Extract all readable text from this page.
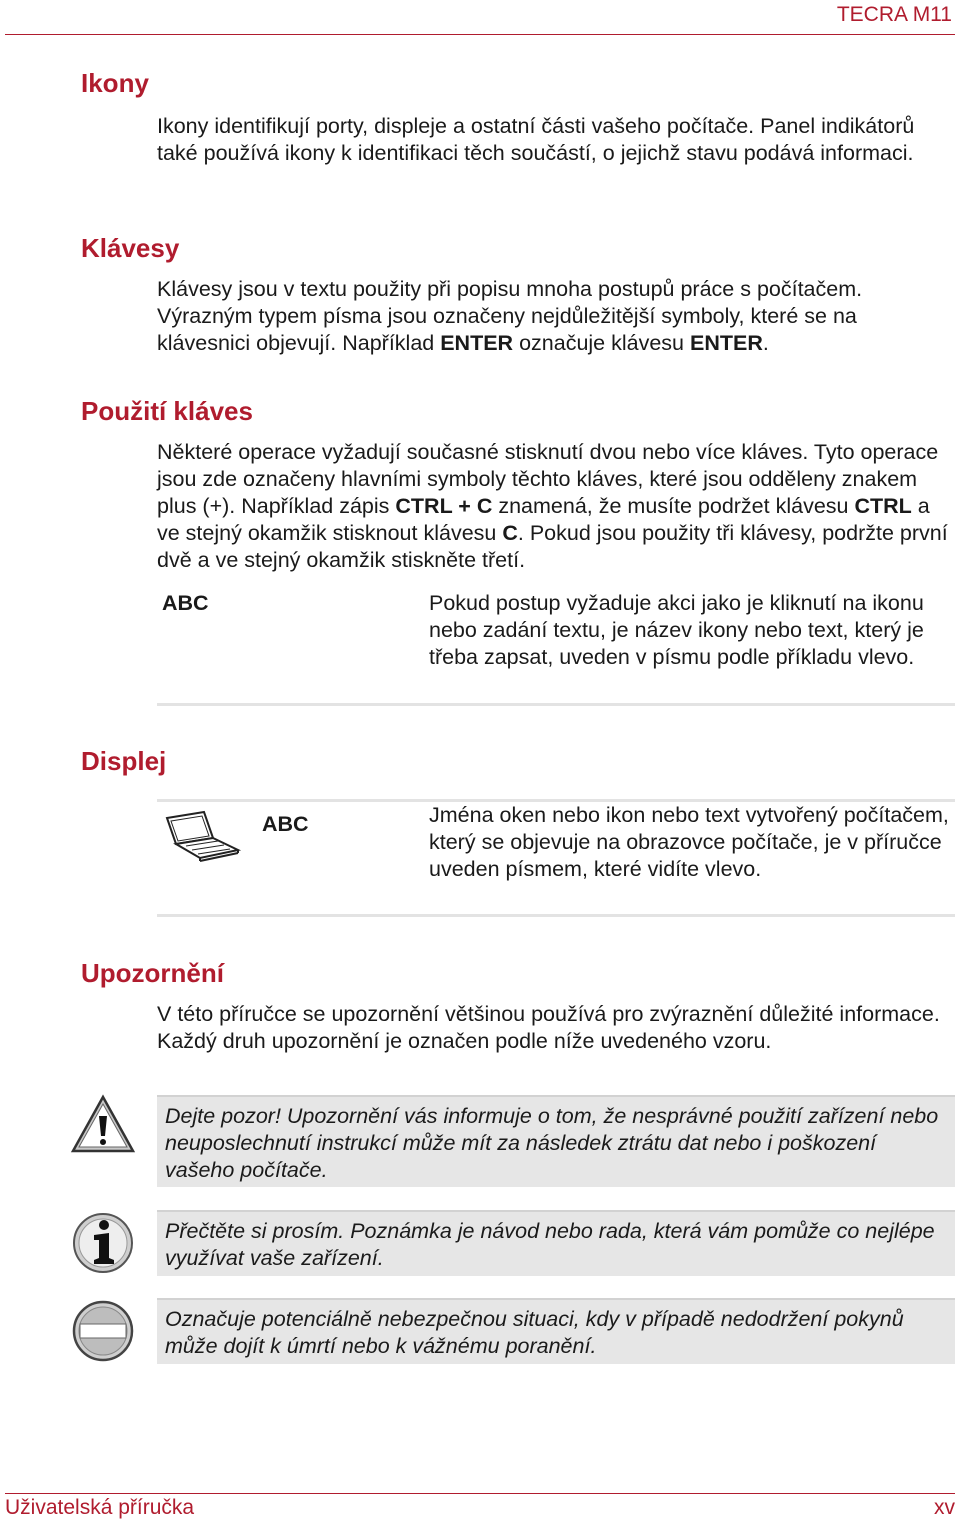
TECRA M11
Ikony

Ikony identifikují porty, displeje a ostatní části vašeho počítače. Panel indikátorů také používá ikony k identifikaci těch součástí, o jejichž stavu podává informaci.

Klávesy

Klávesy jsou v textu použity při popisu mnoha postupů práce s počítačem. Výrazným typem písma jsou označeny nejdůležitější symboly, které se na klávesnici objevují. Například ENTER označuje klávesu ENTER.

Použití kláves

Některé operace vyžadují současné stisknutí dvou nebo více kláves. Tyto operace jsou zde označeny hlavními symboly těchto kláves, které jsou odděleny znakem plus (+). Například zápis CTRL + C znamená, že musíte podržet klávesu CTRL a ve stejný okamžik stisknout klávesu C. Pokud jsou použity tři klávesy, podržte první dvě a ve stejný okamžik stiskněte třetí.

ABC	Pokud postup vyžaduje akci jako je kliknutí na ikonu nebo zadání textu, je název ikony nebo text, který je třeba zapsat, uveden v písmu podle příkladu vlevo.

Displej
ABC	Jména oken nebo ikon nebo text vytvořený počítačem, který se objevuje na obrazovce počítače, je v příručce uveden písmem, které vidíte vlevo.

Upozornění

V této příručce se upozornění většinou používá pro zvýraznění důležité informace. Každý druh upozornění je označen podle níže uvedeného vzoru.

Dejte pozor! Upozornění vás informuje o tom, že nesprávné použití zařízení nebo neuposlechnutí instrukcí může mít za následek ztrátu dat nebo i poškození vašeho počítače.

Přečtěte si prosím. Poznámka je návod nebo rada, která vám pomůže co nejlépe využívat vaše zařízení.

Označuje potenciálně nebezpečnou situaci, kdy v případě nedodržení pokynů může dojít k úmrtí nebo k vážnému poranění.

Uživatelská příručka	xv
